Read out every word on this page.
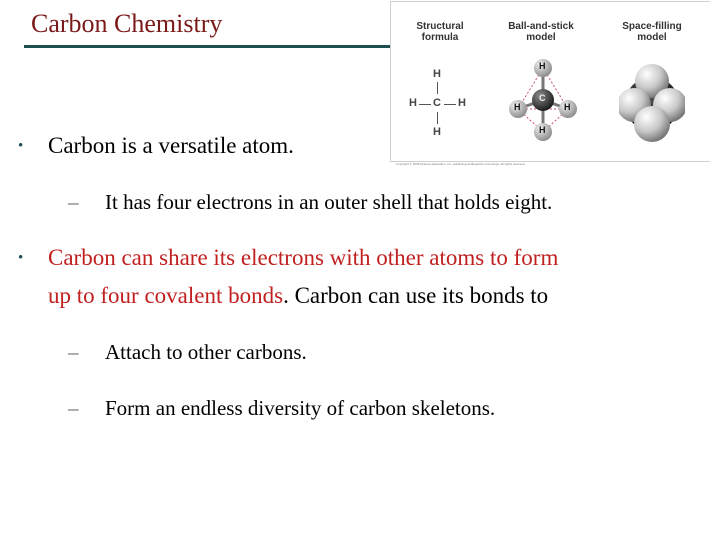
Carbon Chemistry	Structural
formula
Ball-and-stick
model
Space-filling
model
H
H C H
H
H
H	H
H
C
Copyright © 2005 Pearson Education, Inc. publishing as Benjamin Cummings. All rights reserved.
• Carbon is a versatile atom.
– It has four electrons in an outer shell that holds eight.
• Carbon can share its electrons with other atoms to form
up to four covalent bonds. Carbon can use its bonds to
– Attach to other carbons.
– Form an endless diversity of carbon skeletons.
